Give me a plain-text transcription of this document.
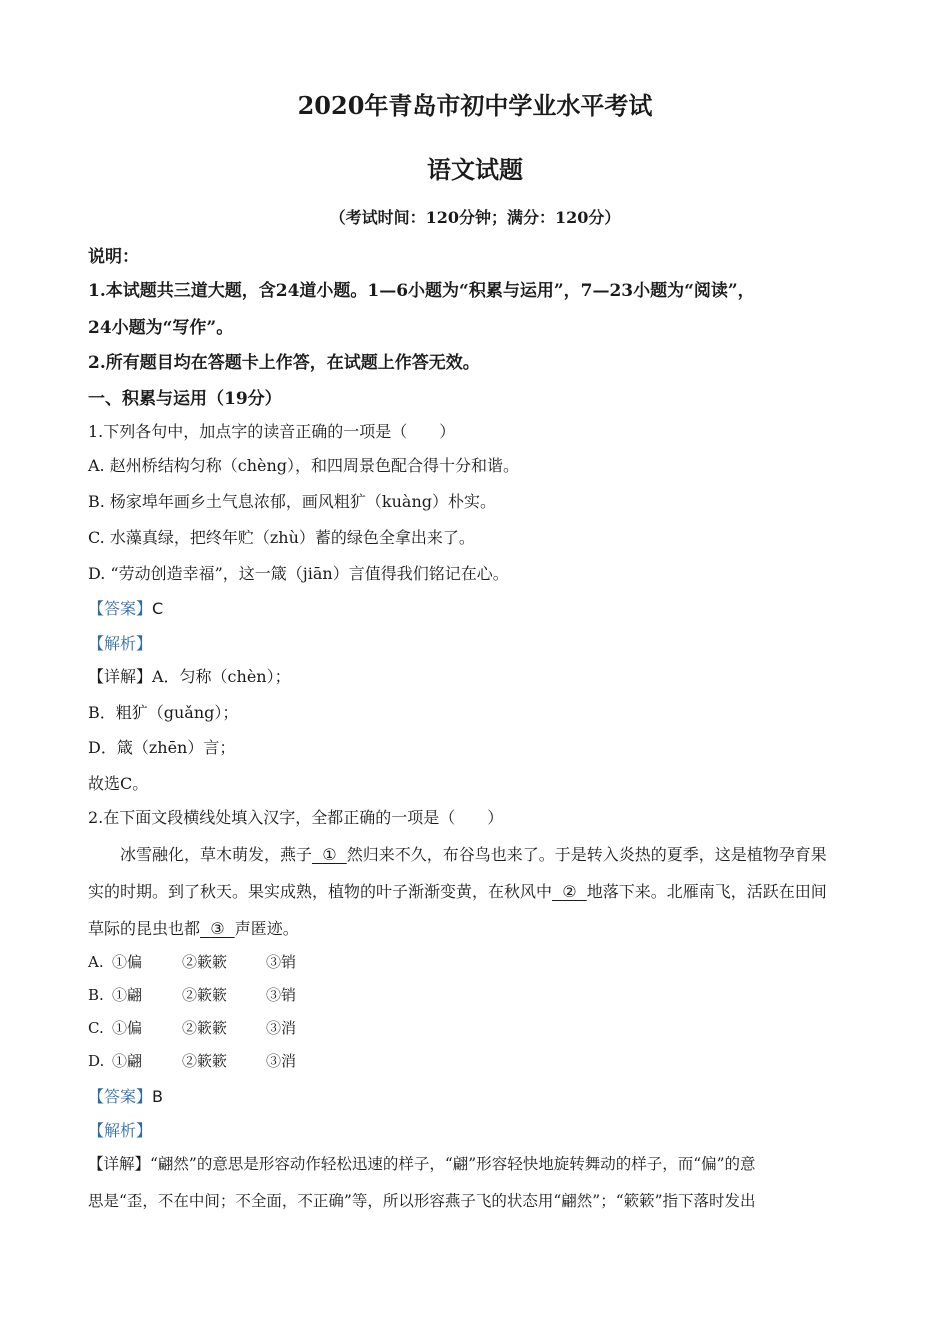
2020年青岛市初中学业水平考试
语文试题
（考试时间：120分钟；满分：120分）
说明：
1.本试题共三道大题，含24道小题。1—6小题为“积累与运用”，7—23小题为“阅读”，
24小题为“写作”。
2.所有题目均在答题卡上作答，在试题上作答无效。
一、积累与运用（19分）
1.下列各句中，加点字的读音正确的一项是（　　）
A. 赵州桥结构匀称（chèng），和四周景色配合得十分和谐。
B. 杨家埠年画乡土气息浓郁，画风粗犷（kuàng）朴实。
C. 水藻真绿，把终年贮（zhù）蓄的绿色全拿出来了。
D. “劳动创造幸福”，这一箴（jiān）言值得我们铭记在心。
【答案】C
【解析】
【详解】A．匀称（chèn）；
B．粗犷（guǎng）；
D．箴（zhēn）言；
故选C。
2.在下面文段横线处填入汉字，全都正确的一项是（　　）
冰雪融化，草木萌发，燕子 ① 然归来不久，布谷鸟也来了。于是转入炎热的夏季，这是植物孕育果
实的时期。到了秋天。果实成熟，植物的叶子渐渐变黄，在秋风中 ② 地落下来。北雁南飞，活跃在田间
草际的昆虫也都 ③ 声匿迹。
A. ①偏	②簌簌	③销
B. ①翩	②簌簌	③销
C. ①偏	②簌簌	③消
D. ①翩	②簌簌	③消
【答案】B
【解析】
【详解】“翩然”的意思是形容动作轻松迅速的样子，“翩”形容轻快地旋转舞动的样子，而“偏”的意
思是“歪，不在中间；不全面，不正确”等，所以形容燕子飞的状态用“翩然”；“簌簌”指下落时发出
